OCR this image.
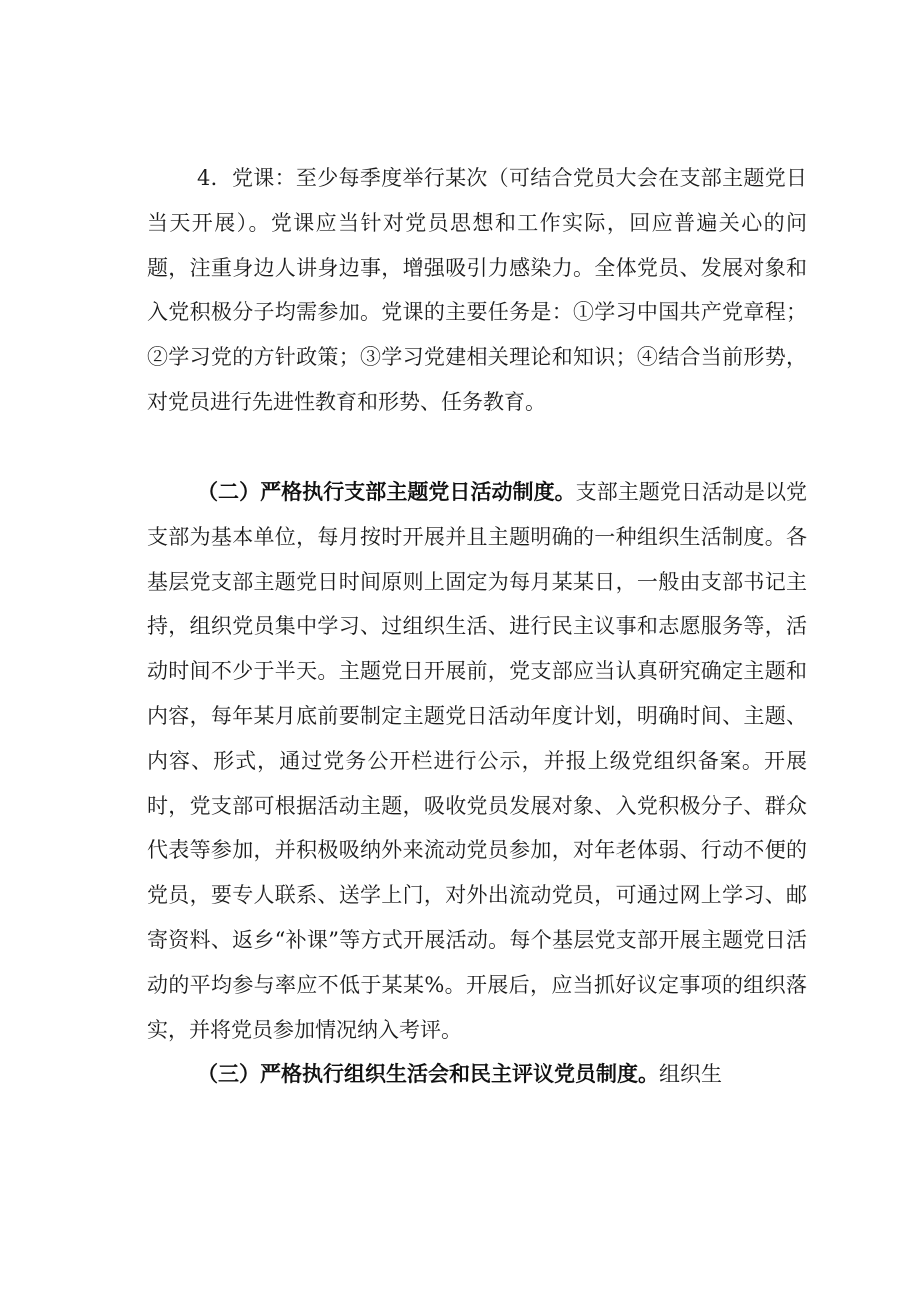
4．党课：至少每季度举行某次（可结合党员大会在支部主题党日当天开展）。党课应当针对党员思想和工作实际，回应普遍关心的问题，注重身边人讲身边事，增强吸引力感染力。全体党员、发展对象和入党积极分子均需参加。党课的主要任务是：①学习中国共产党章程；②学习党的方针政策；③学习党建相关理论和知识；④结合当前形势，对党员进行先进性教育和形势、任务教育。

（二）严格执行支部主题党日活动制度。支部主题党日活动是以党支部为基本单位，每月按时开展并且主题明确的一种组织生活制度。各基层党支部主题党日时间原则上固定为每月某某日，一般由支部书记主持，组织党员集中学习、过组织生活、进行民主议事和志愿服务等，活动时间不少于半天。主题党日开展前，党支部应当认真研究确定主题和内容，每年某月底前要制定主题党日活动年度计划，明确时间、主题、内容、形式，通过党务公开栏进行公示，并报上级党组织备案。开展时，党支部可根据活动主题，吸收党员发展对象、入党积极分子、群众代表等参加，并积极吸纳外来流动党员参加，对年老体弱、行动不便的党员，要专人联系、送学上门，对外出流动党员，可通过网上学习、邮寄资料、返乡“补课”等方式开展活动。每个基层党支部开展主题党日活动的平均参与率应不低于某某%。开展后，应当抓好议定事项的组织落实，并将党员参加情况纳入考评。

（三）严格执行组织生活会和民主评议党员制度。组织生
